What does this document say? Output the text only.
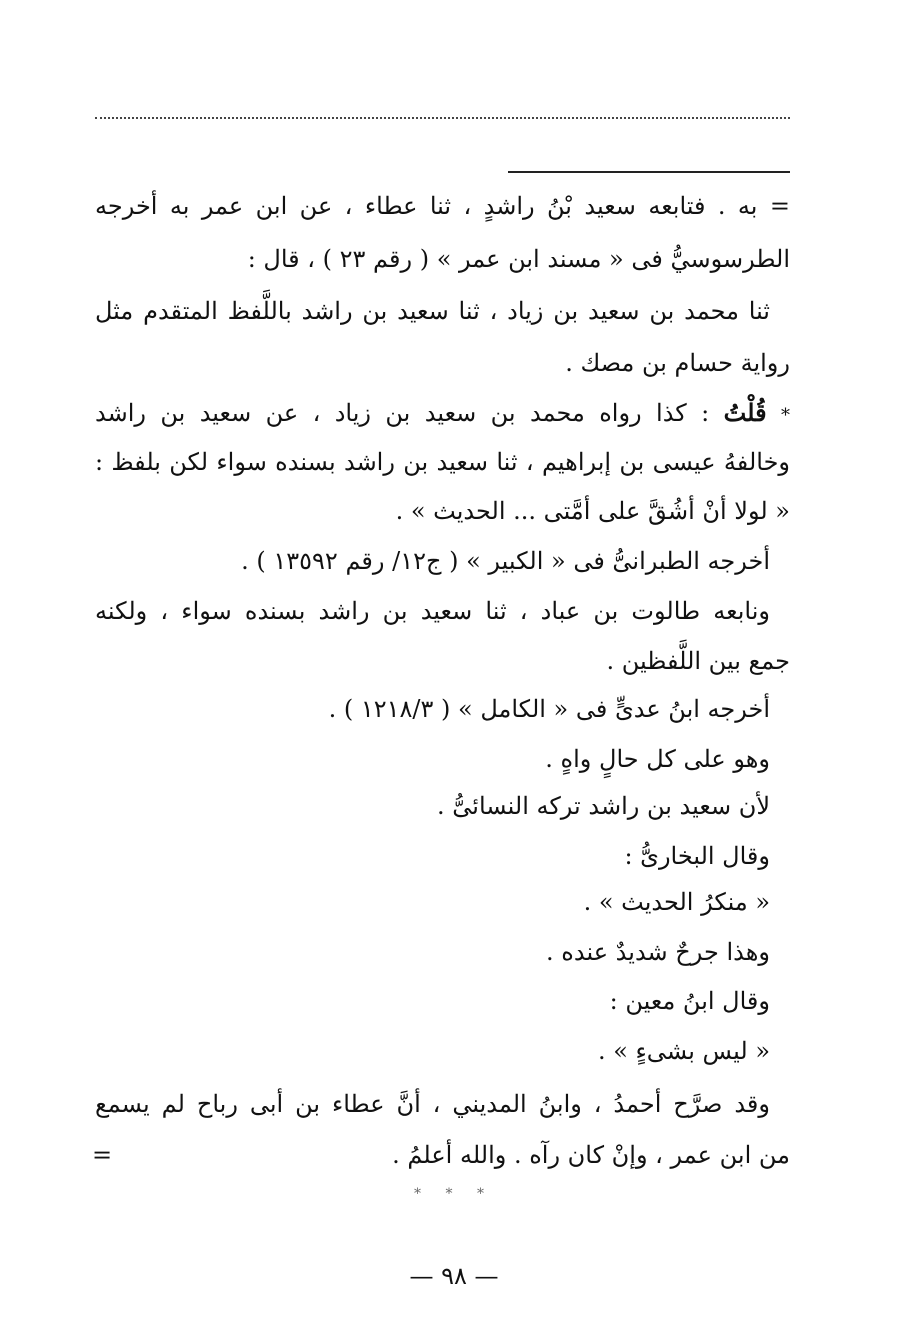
= به . فتابعه سعيد بْنُ راشدٍ ، ثنا عطاء ، عن ابن عمر به أخرجه
الطرسوسيُّ فى « مسند ابن عمر » ( رقم ٢٣ ) ، قال :
ثنا محمد بن سعيد بن زياد ، ثنا سعيد بن راشد باللَّفظ المتقدم مثل
رواية حسام بن مصك .
* قُلْتُ : كذا رواه محمد بن سعيد بن زياد ، عن سعيد بن راشد
وخالفهُ عيسى بن إبراهيم ، ثنا سعيد بن راشد بسنده سواء لكن بلفظ :
« لولا أنْ أشُقَّ على أمَّتى ... الحديث » .
أخرجه الطبرانىُّ فى « الكبير » ( ج١٢/ رقم ١٣٥٩٢ ) .
ونابعه طالوت بن عباد ، ثنا سعيد بن راشد بسنده سواء ، ولكنه
جمع بين اللَّفظين .
أخرجه ابنُ عدىٍّ فى « الكامل » ( ١٢١٨/٣ ) .
وهو على كل حالٍ واهٍ .
لأن سعيد بن راشد تركه النسائىُّ .
وقال البخارىُّ :
« منكرُ الحديث » .
وهذا جرحٌ شديدٌ عنده .
وقال ابنُ معين :
« ليس بشىءٍ » .
وقد صرَّح أحمدُ ، وابنُ المديني ، أنَّ عطاء بن أبى رباح لم يسمع
من ابن عمر ، وإنْ كان رآه . والله أعلمُ .
=
* * *
— ٩٨ —
